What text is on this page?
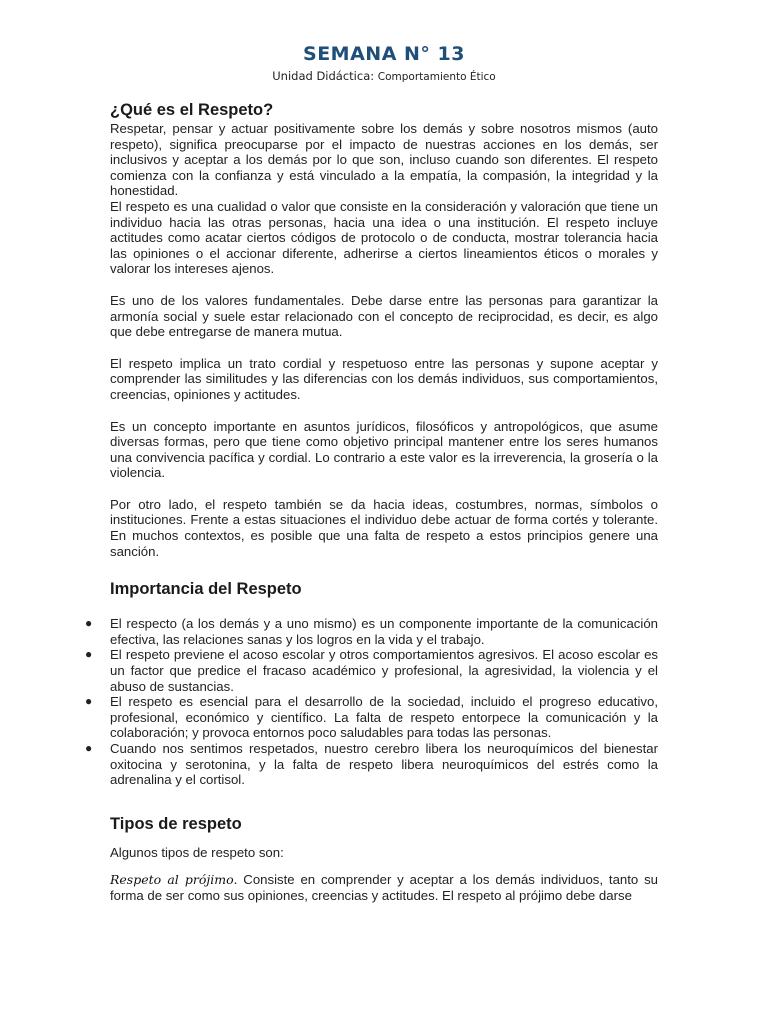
SEMANA N° 13
Unidad Didáctica: Comportamiento Ético
¿Qué es el Respeto?

Respetar, pensar y actuar positivamente sobre los demás y sobre nosotros mismos (auto respeto), significa preocuparse por el impacto de nuestras acciones en los demás, ser inclusivos y aceptar a los demás por lo que son, incluso cuando son diferentes. El respeto comienza con la confianza y está vinculado a la empatía, la compasión, la integridad y la honestidad.

El respeto es una cualidad o valor que consiste en la consideración y valoración que tiene un individuo hacia las otras personas, hacia una idea o una institución. El respeto incluye actitudes como acatar ciertos códigos de protocolo o de conducta, mostrar tolerancia hacia las opiniones o el accionar diferente, adherirse a ciertos lineamientos éticos o morales y valorar los intereses ajenos.

Es uno de los valores fundamentales. Debe darse entre las personas para garantizar la armonía social y suele estar relacionado con el concepto de reciprocidad, es decir, es algo que debe entregarse de manera mutua.

El respeto implica un trato cordial y respetuoso entre las personas y supone aceptar y comprender las similitudes y las diferencias con los demás individuos, sus comportamientos, creencias, opiniones y actitudes.

Es un concepto importante en asuntos jurídicos, filosóficos y antropológicos, que asume diversas formas, pero que tiene como objetivo principal mantener entre los seres humanos una convivencia pacífica y cordial. Lo contrario a este valor es la irreverencia, la grosería o la violencia.

Por otro lado, el respeto también se da hacia ideas, costumbres, normas, símbolos o instituciones. Frente a estas situaciones el individuo debe actuar de forma cortés y tolerante. En muchos contextos, es posible que una falta de respeto a estos principios genere una sanción.

Importancia del Respeto
● El respecto (a los demás y a uno mismo) es un componente importante de la comunicación efectiva, las relaciones sanas y los logros en la vida y el trabajo.
● El respeto previene el acoso escolar y otros comportamientos agresivos. El acoso escolar es un factor que predice el fracaso académico y profesional, la agresividad, la violencia y el abuso de sustancias.
● El respeto es esencial para el desarrollo de la sociedad, incluido el progreso educativo, profesional, económico y científico. La falta de respeto entorpece la comunicación y la colaboración; y provoca entornos poco saludables para todas las personas.
● Cuando nos sentimos respetados, nuestro cerebro libera los neuroquímicos del bienestar oxitocina y serotonina, y la falta de respeto libera neuroquímicos del estrés como la adrenalina y el cortisol.
Tipos de respeto

Algunos tipos de respeto son:

Respeto al prójimo. Consiste en comprender y aceptar a los demás individuos, tanto su forma de ser como sus opiniones, creencias y actitudes. El respeto al prójimo debe darse
